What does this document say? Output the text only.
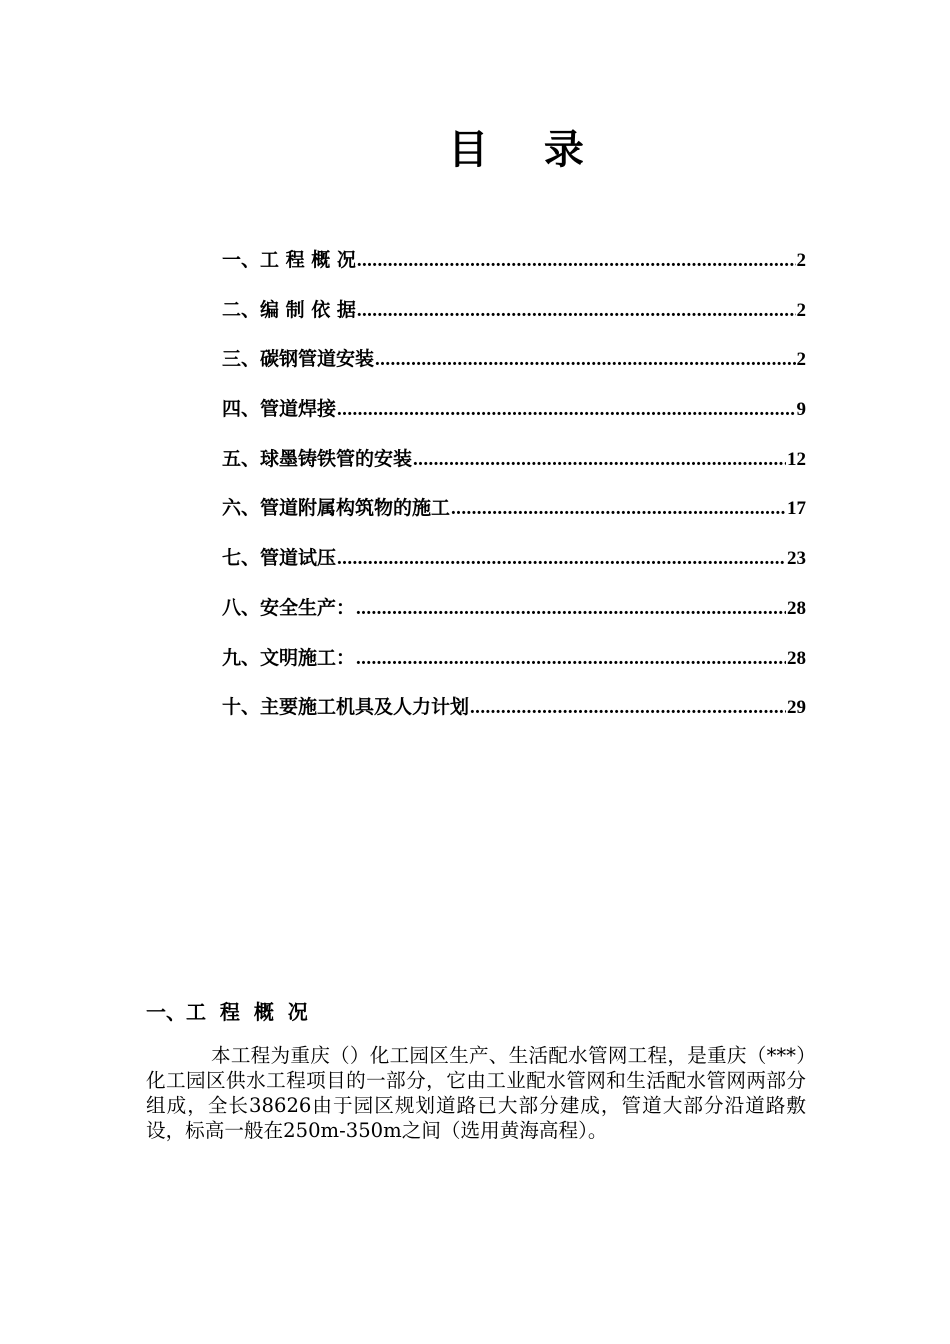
目    录
一、工 程 概 况 .....	2
二、编 制 依 据 .....	2
三、碳钢管道安装 .....	2
四、管道焊接 .....	9
五、球墨铸铁管的安装 .....	12
六、管道附属构筑物的施工 .....	17
七、管道试压 .....	23
八、安全生产： .....	28
九、文明施工： .....	28
十、主要施工机具及人力计划 .....	29
一、工  程  概  况

本工程为重庆（）化工园区生产、生活配水管网工程，是重庆（***）化工园区供水工程项目的一部分，它由工业配水管网和生活配水管网两部分组成，全长38626由于园区规划道路已大部分建成，管道大部分沿道路敷设，标高一般在250m-350m之间（选用黄海高程）。
